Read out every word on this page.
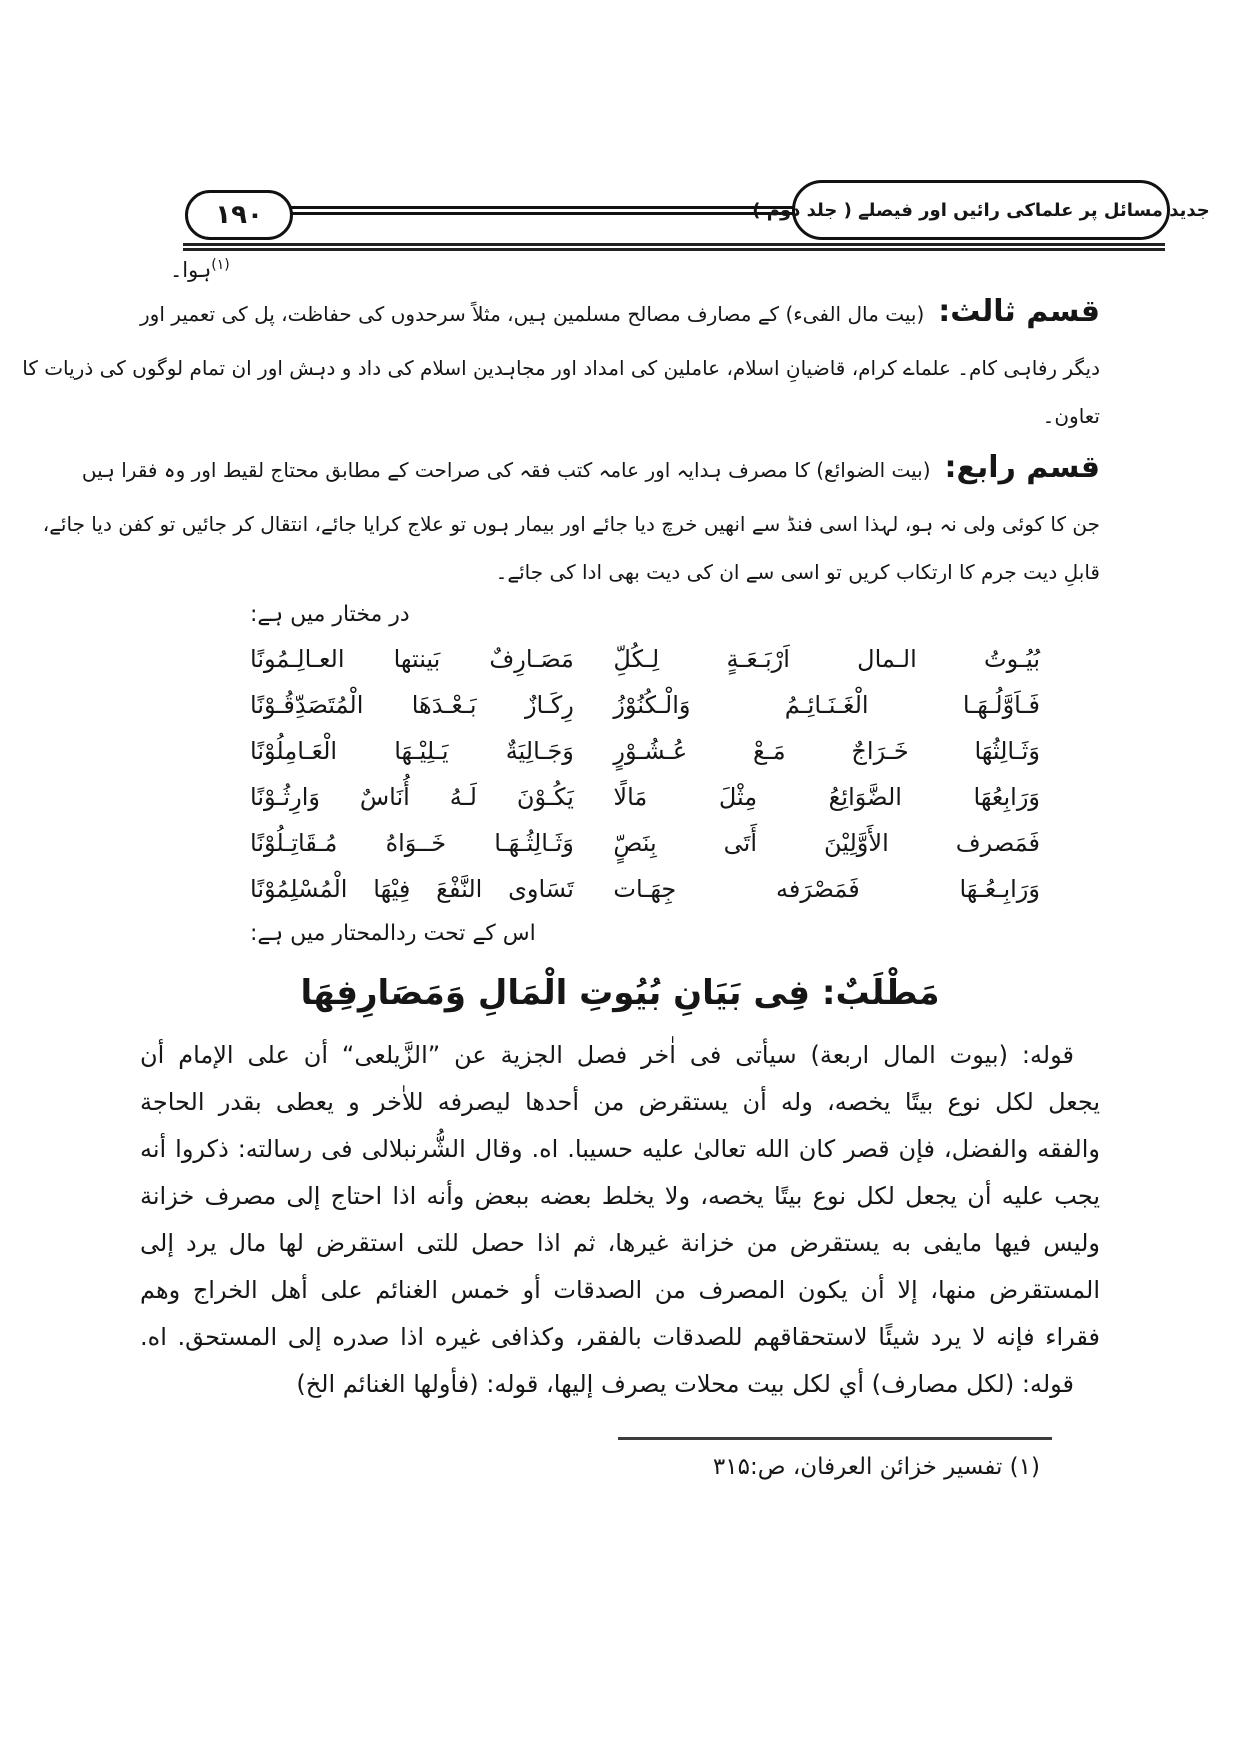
۱۹۰	جدید مسائل پر علماکی رائیں اور فیصلے ( جلد دوم )
$^{(۱)}$ہوا۔
قسم ثالث:(بیت مال الفیء) کے مصارف مصالح مسلمین ہیں، مثلاً سرحدوں کی حفاظت، پل کی تعمیر اور
دیگر رفاہی کام۔ علماے کرام، قاضیانِ اسلام، عاملین کی امداد اور مجاہدین اسلام کی داد و دہش اور ان تمام لوگوں کی ذریات کا
تعاون۔
قسم رابع:(بیت الضوائع) کا مصرف ہدایہ اور عامہ کتب فقہ کی صراحت کے مطابق محتاج لقیط اور وہ فقرا ہیں
جن کا کوئی ولی نہ ہو، لہذا اسی فنڈ سے انھیں خرچ دیا جائے اور بیمار ہوں تو علاج کرایا جائے، انتقال کر جائیں تو کفن دیا جائے،
قابلِ دیت جرم کا ارتکاب کریں تو اسی سے ان کی دیت بھی ادا کی جائے۔
در مختار میں ہے:
بُيُـوتُ الـمال اَرْبَـعَـةٍ لِـكُلِّ
مَصَـارِفٌ بَينتها العـالِـمُونًا
فَـاَوَّلُـهَـا الْغَـنَـائِـمُ وَالْـكُنُوْزُ
رِكَـازٌ بَـعْـدَهَا الْمُتَصَدِّقُـوْنًا
وَثَـالِثُهَا خَـرَاجٌ مَـعْ عُـشُـوْرٍ
وَجَـالِيَةٌ يَـلِيْـهَا الْعَـامِلُوْنًا
وَرَابِعُهَا الضَّوَائِعُ مِثْلَ مَالًا
يَكُـوْنَ لَـهُ أُنَاسٌ وَارِثُـوْنًا
فَمَصرف الأَوَّلِيْنَ أَتَى بِنَصٍّ
وَثَـالِثُـهَـا خَــوَاهُ مُـقَاتِـلُوْنًا
وَرَابِـعُـهَا فَمَصْرَفه جِهَـات
تَسَاوى النَّفْعَ فِيْهَا الْمُسْلِمُوْنًا
اس کے تحت ردالمحتار میں ہے:
مَطْلَبٌ: فِی بَیَانِ بُیُوتِ الْمَالِ وَمَصَارِفِهَا
قوله: (بيوت المال اربعة) سيأتى فى اٰخر فصل الجزية عن ”الزَّيلعى“ أن على الإمام أن
يجعل لكل نوع بيتًا يخصه، وله أن يستقرض من أحدها ليصرفه للاٰخر و يعطى بقدر الحاجة
والفقه والفضل، فإن قصر كان الله تعالىٰ عليه حسيبا. اه. وقال الشُّرنبلالى فى رسالته: ذكروا أنه
يجب عليه أن يجعل لكل نوع بيتًا يخصه، ولا يخلط بعضه ببعض وأنه اذا احتاج إلى مصرف خزانة
وليس فيها مايفى به يستقرض من خزانة غيرها، ثم اذا حصل للتى استقرض لها مال يرد إلى
المستقرض منها، إلا أن يكون المصرف من الصدقات أو خمس الغنائم على أهل الخراج وهم
فقراء فإنه لا يرد شيئًا لاستحقاقهم للصدقات بالفقر، وكذافى غيره اذا صدره إلى المستحق. اه.
قوله: (لكل مصارف) أي لكل بيت محلات يصرف إليها، قوله: (فأولها الغنائم الخ)
(۱) تفسیر خزائن العرفان، ص:۳۱۵
